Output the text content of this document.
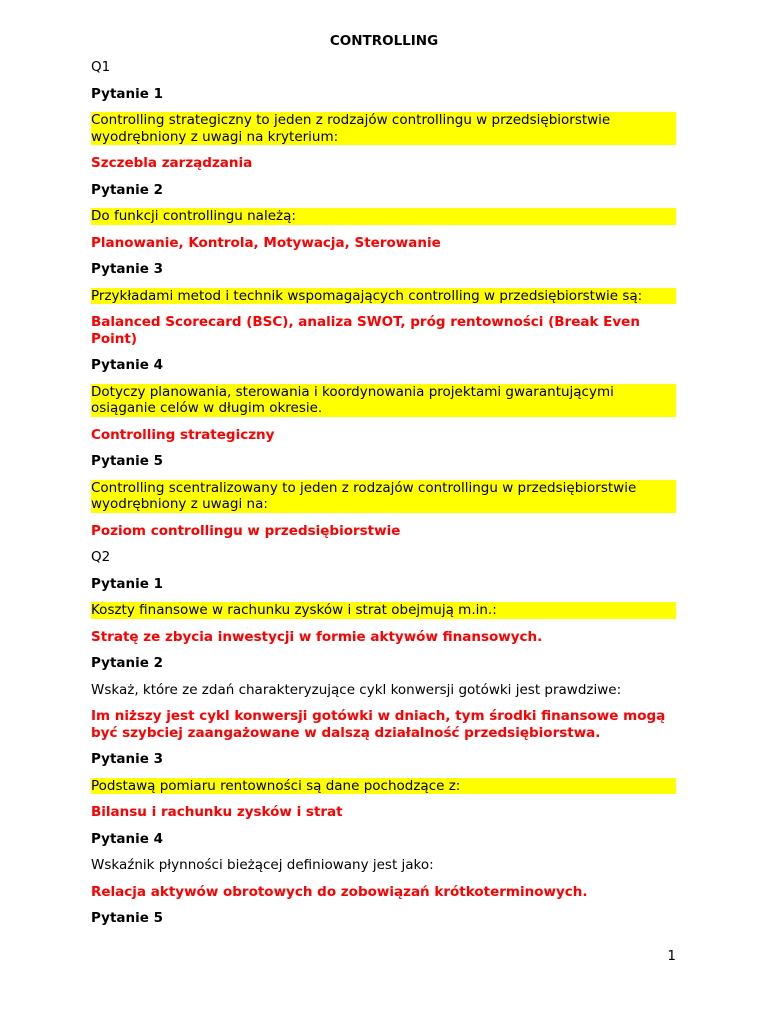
CONTROLLING
Q1
Pytanie 1
Controlling strategiczny to jeden z rodzajów controllingu w przedsiębiorstwie wyodrębniony z uwagi na kryterium:
Szczebla zarządzania
Pytanie 2
Do funkcji controllingu należą:
Planowanie, Kontrola, Motywacja, Sterowanie
Pytanie 3
Przykładami metod i technik wspomagających controlling w przedsiębiorstwie są:
Balanced Scorecard (BSC), analiza SWOT, próg rentowności (Break Even Point)
Pytanie 4
Dotyczy planowania, sterowania i koordynowania projektami gwarantującymi osiąganie celów w długim okresie.
Controlling strategiczny
Pytanie 5
Controlling scentralizowany to jeden z rodzajów controllingu w przedsiębiorstwie wyodrębniony z uwagi na:
Poziom controllingu w przedsiębiorstwie
Q2
Pytanie 1
Koszty finansowe w rachunku zysków i strat obejmują m.in.:
Stratę ze zbycia inwestycji w formie aktywów finansowych.
Pytanie 2
Wskaż, które ze zdań charakteryzujące cykl konwersji gotówki jest prawdziwe:
Im niższy jest cykl konwersji gotówki w dniach, tym środki finansowe mogą być szybciej zaangażowane w dalszą działalność przedsiębiorstwa.
Pytanie 3
Podstawą pomiaru rentowności są dane pochodzące z:
Bilansu i rachunku zysków i strat
Pytanie 4
Wskaźnik płynności bieżącej definiowany jest jako:
Relacja aktywów obrotowych do zobowiązań krótkoterminowych.
Pytanie 5
1
